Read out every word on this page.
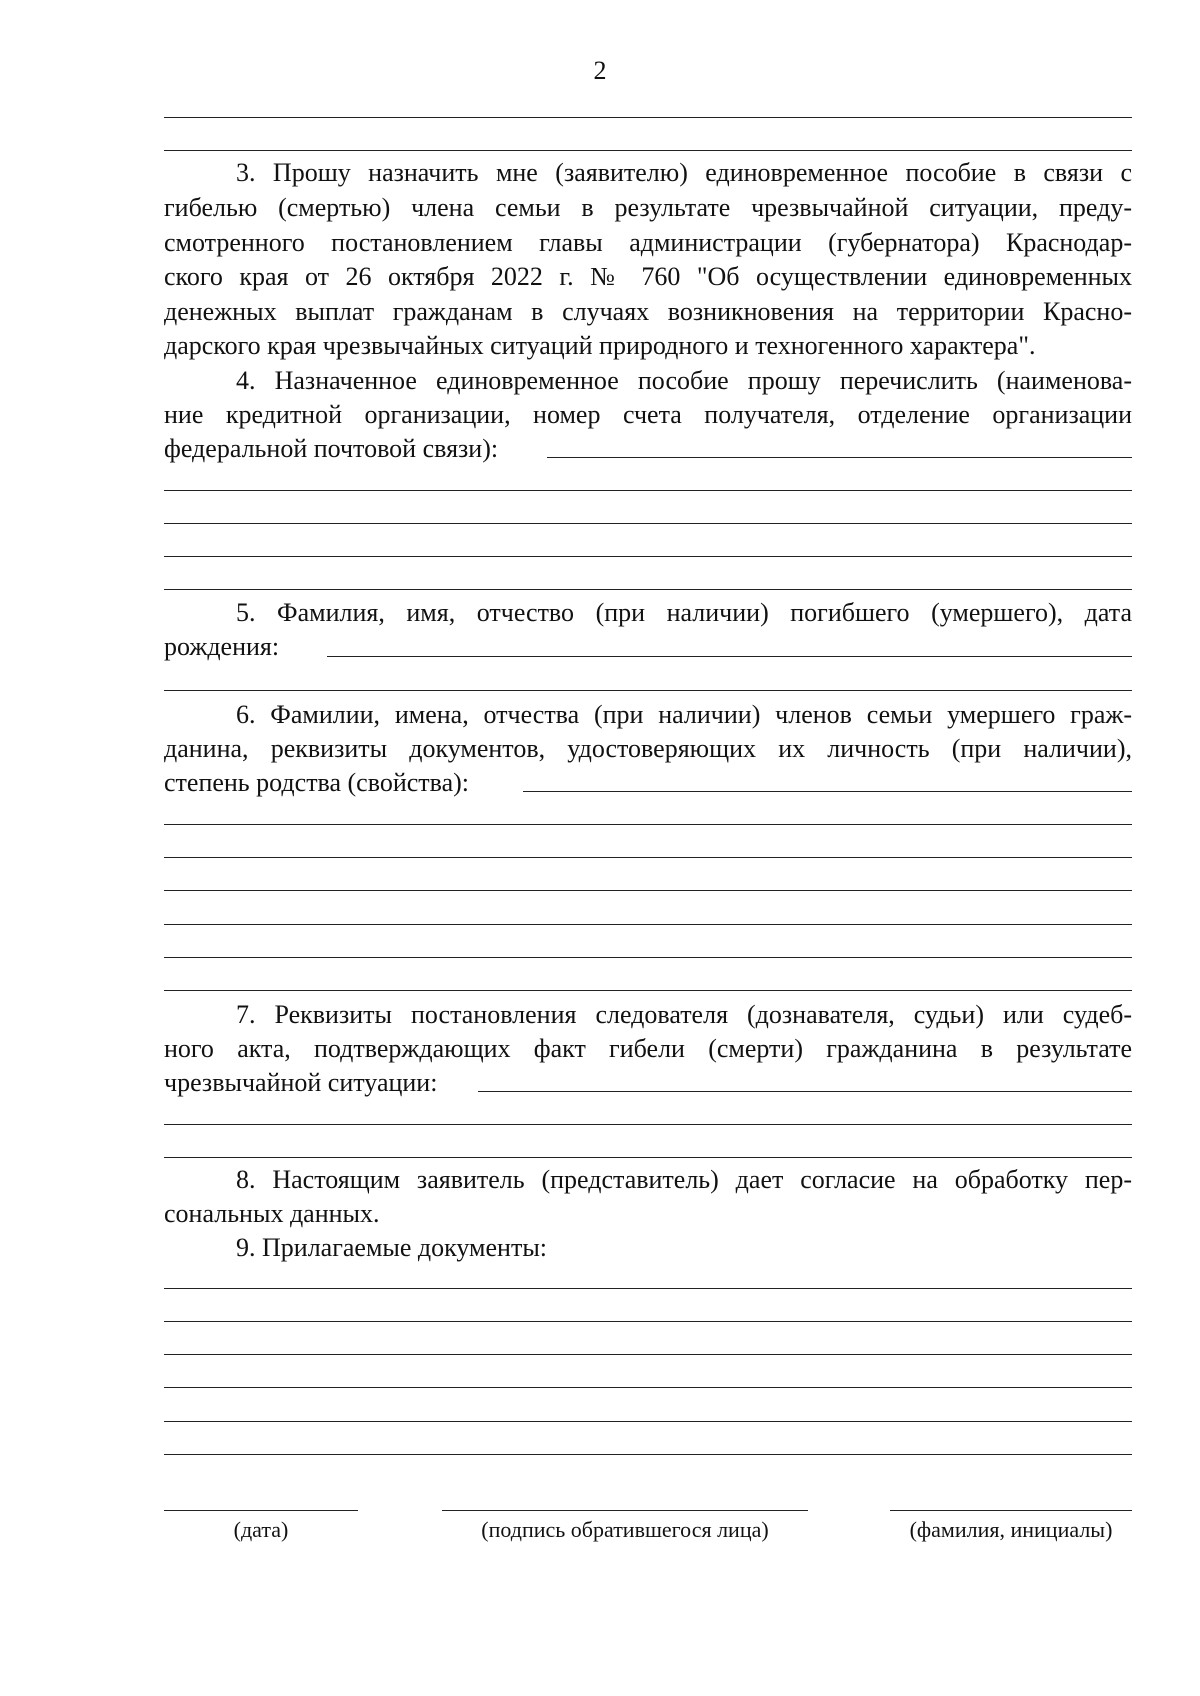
2
3. Прошу назначить мне (заявителю) единовременное пособие в связи с
гибелью (смертью) члена семьи в результате чрезвычайной ситуации, преду-
смотренного постановлением главы администрации (губернатора) Краснодар-
ского края от 26 октября 2022 г. № 760 "Об осуществлении единовременных
денежных выплат гражданам в случаях возникновения на территории Красно-
дарского края чрезвычайных ситуаций природного и техногенного характера".
4. Назначенное единовременное пособие прошу перечислить (наименова-
ние кредитной организации, номер счета получателя, отделение организации
федеральной почтовой связи):
5. Фамилия, имя, отчество (при наличии) погибшего (умершего), дата
рождения:
6. Фамилии, имена, отчества (при наличии) членов семьи умершего граж-
данина, реквизиты документов, удостоверяющих их личность (при наличии),
степень родства (свойства):
7. Реквизиты постановления следователя (дознавателя, судьи) или судеб-
ного акта, подтверждающих факт гибели (смерти) гражданина в результате
чрезвычайной ситуации:
8. Настоящим заявитель (представитель) дает согласие на обработку пер-
сональных данных.
9. Прилагаемые документы:
(дата)	(подпись обратившегося лица)	(фамилия, инициалы)
